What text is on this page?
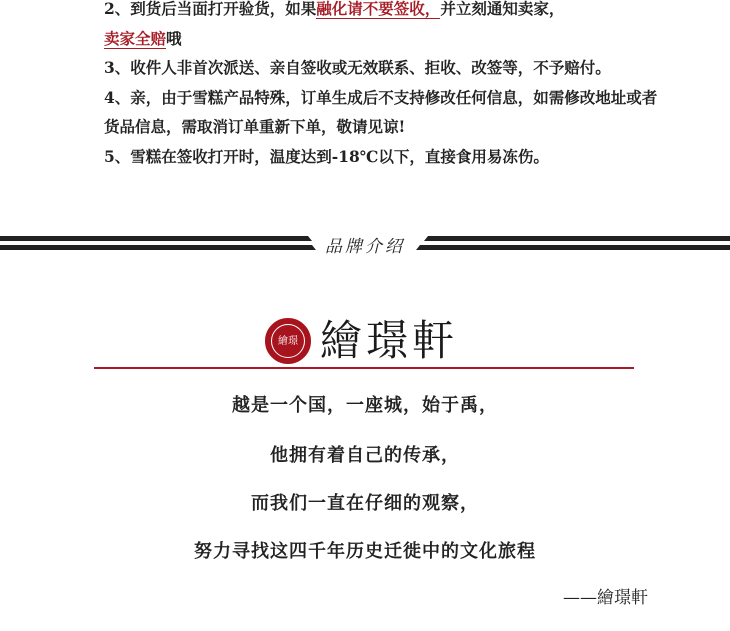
2、到货后当面打开验货，如果融化请不要签收，并立刻通知卖家，
卖家全赔哦

3、收件人非首次派送、亲自签收或无效联系、拒收、改签等，不予赔付。

4、亲，由于雪糕产品特殊，订单生成后不支持修改任何信息，如需修改地址或者货品信息，需取消订单重新下单，敬请见谅!

5、雪糕在签收打开时，温度达到-18℃以下，直接食用易冻伤。

品牌介绍
繪璟 繪璟軒

越是一个国，一座城，始于禹，

他拥有着自己的传承，

而我们一直在仔细的观察，

努力寻找这四千年历史迁徙中的文化旅程

——繪璟軒
